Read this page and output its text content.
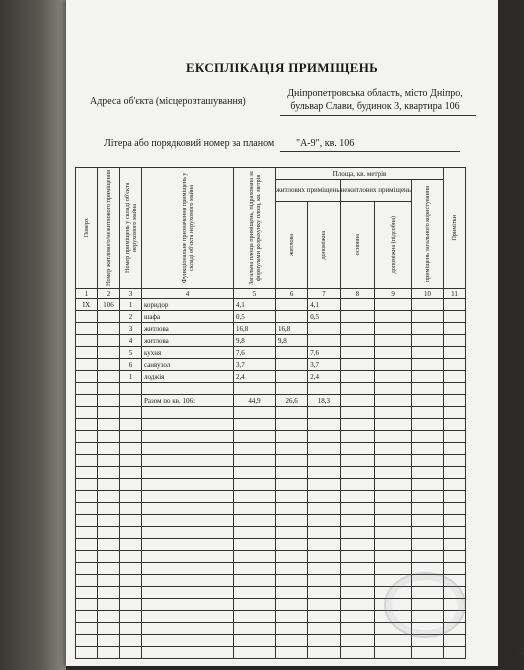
ЕКСПЛІКАЦІЯ ПРИМІЩЕНЬ
Адреса об'єкта (місцерозташування)
Дніпропетровська область, місто Дніпро,
бульвар Слави, будинок 3, квартира 106
Літера або порядковий номер за планом "А-9", кв. 106
Поверх	Номер житлового/нежитлового приміщення	Номер приміщень у складі об'єкта нерухомого майна	Функціональне призначення приміщень у складі об'єкта нерухомого майна	Загальна площа приміщень, підрахована за формулами розрахунку площ, кв. метрів	Площа, кв. метрів					Примітки

					житлових приміщень		нежитлових приміщень		приміщень загального користування	

					житлова	допоміжна	основна	допоміжна (підсобна)		

1	2	3	4	5	6	7	8	9	10	11
IX	106	1	коридор	4,1		4,1				
		2	шафа	0,5		0,5				
		3	житлова	16,8	16,8					
		4	житлова	9,8	9,8					
		5	кухня	7,6		7,6				
		6	санвузол	3,7		3,7				
		1	лоджія	2,4		2,4				

			Разом по кв. 106:	44,9	26,6	18,3				

3
